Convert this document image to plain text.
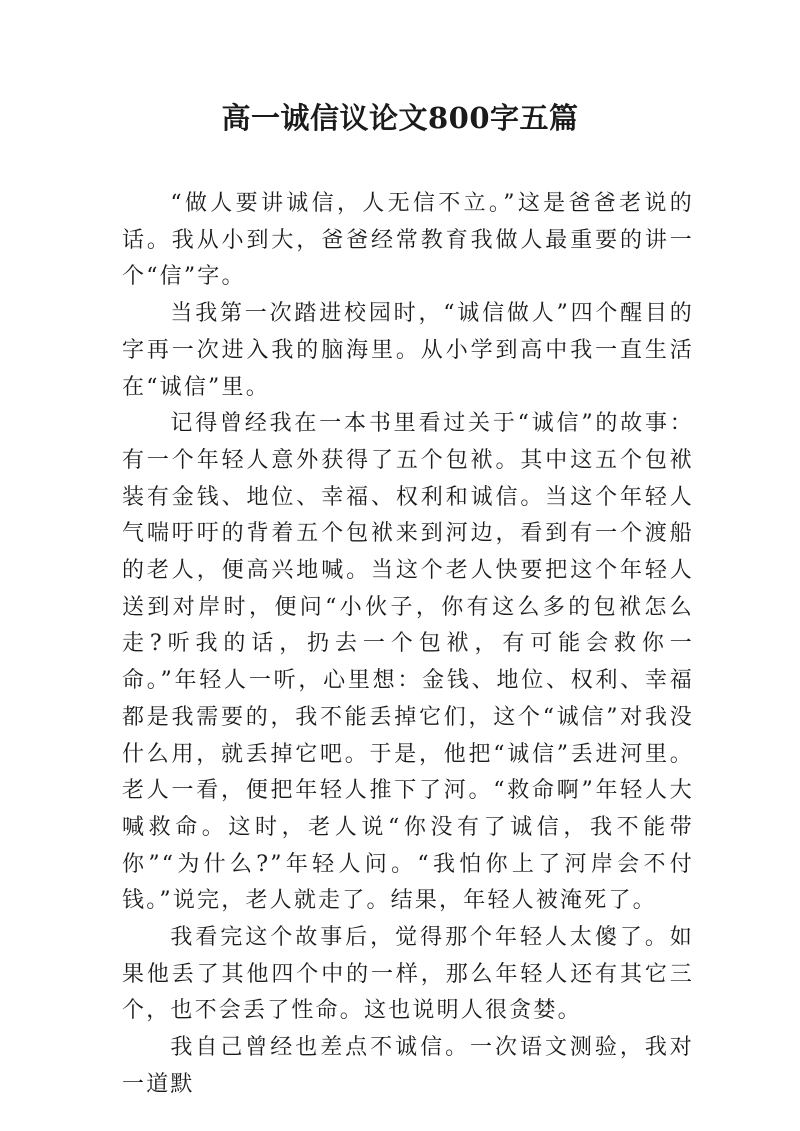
高一诚信议论文800字五篇

“做人要讲诚信，人无信不立。”这是爸爸老说的话。我从小到大，爸爸经常教育我做人最重要的讲一个“信”字。

当我第一次踏进校园时，“诚信做人”四个醒目的字再一次进入我的脑海里。从小学到高中我一直生活在“诚信”里。

记得曾经我在一本书里看过关于“诚信”的故事：有一个年轻人意外获得了五个包袱。其中这五个包袱装有金钱、地位、幸福、权利和诚信。当这个年轻人气喘吁吁的背着五个包袱来到河边，看到有一个渡船的老人，便高兴地喊。当这个老人快要把这个年轻人送到对岸时，便问“小伙子，你有这么多的包袱怎么走?听我的话，扔去一个包袱，有可能会救你一命。”年轻人一听，心里想：金钱、地位、权利、幸福都是我需要的，我不能丢掉它们，这个“诚信”对我没什么用，就丢掉它吧。于是，他把“诚信”丢进河里。老人一看，便把年轻人推下了河。“救命啊”年轻人大喊救命。这时，老人说“你没有了诚信，我不能带你”“为什么?”年轻人问。“我怕你上了河岸会不付钱。”说完，老人就走了。结果，年轻人被淹死了。

我看完这个故事后，觉得那个年轻人太傻了。如果他丢了其他四个中的一样，那么年轻人还有其它三个，也不会丢了性命。这也说明人很贪婪。

我自己曾经也差点不诚信。一次语文测验，我对一道默
